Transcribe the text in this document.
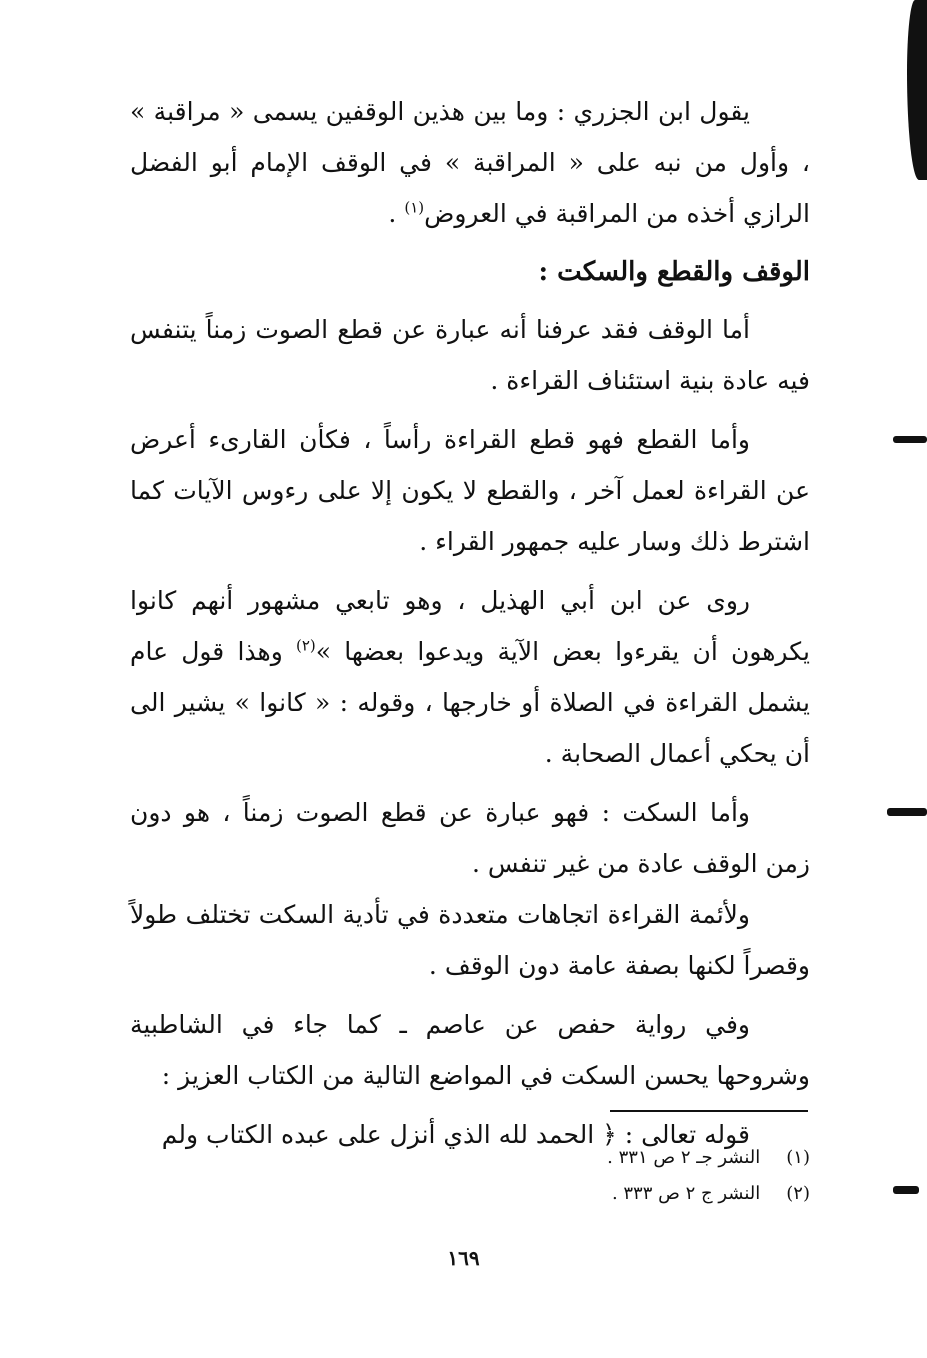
يقول ابن الجزري : وما بين هذين الوقفين يسمى « مراقبة » ، وأول من نبه على « المراقبة » في الوقف الإمام أبو الفضل الرازي أخذه من المراقبة في العروض$^{(١)}$ .

الوقف والقطع والسكت :

أما الوقف فقد عرفنا أنه عبارة عن قطع الصوت زمناً يتنفس فيه عادة بنية استئناف القراءة .

وأما القطع فهو قطع القراءة رأساً ، فكأن القارىء أعرض عن القراءة لعمل آخر ، والقطع لا يكون إلا على رءوس الآيات كما اشترط ذلك وسار عليه جمهور القراء .

روى عن ابن أبي الهذيل ، وهو تابعي مشهور أنهم كانوا يكرهون أن يقرءوا بعض الآية ويدعوا بعضها »$^{(٢)}$ وهذا قول عام يشمل القراءة في الصلاة أو خارجها ، وقوله : « كانوا » يشير الى أن يحكي أعمال الصحابة .

وأما السكت : فهو عبارة عن قطع الصوت زمناً ، هو دون زمن الوقف عادة من غير تنفس .

ولأئمة القراءة اتجاهات متعددة في تأدية السكت تختلف طولاً وقصراً لكنها بصفة عامة دون الوقف .

وفي رواية حفص عن عاصم ـ كما جاء في الشاطبية وشروحها يحسن السكت في المواضع التالية من الكتاب العزيز :

قوله تعالى : ﴿ الحمد لله الذي أنزل على عبده الكتاب ولم

(١) النشر جـ ٢ ص ٣٣١ .
(٢) النشر ج ٢ ص ٣٣٣ .
١٦٩
